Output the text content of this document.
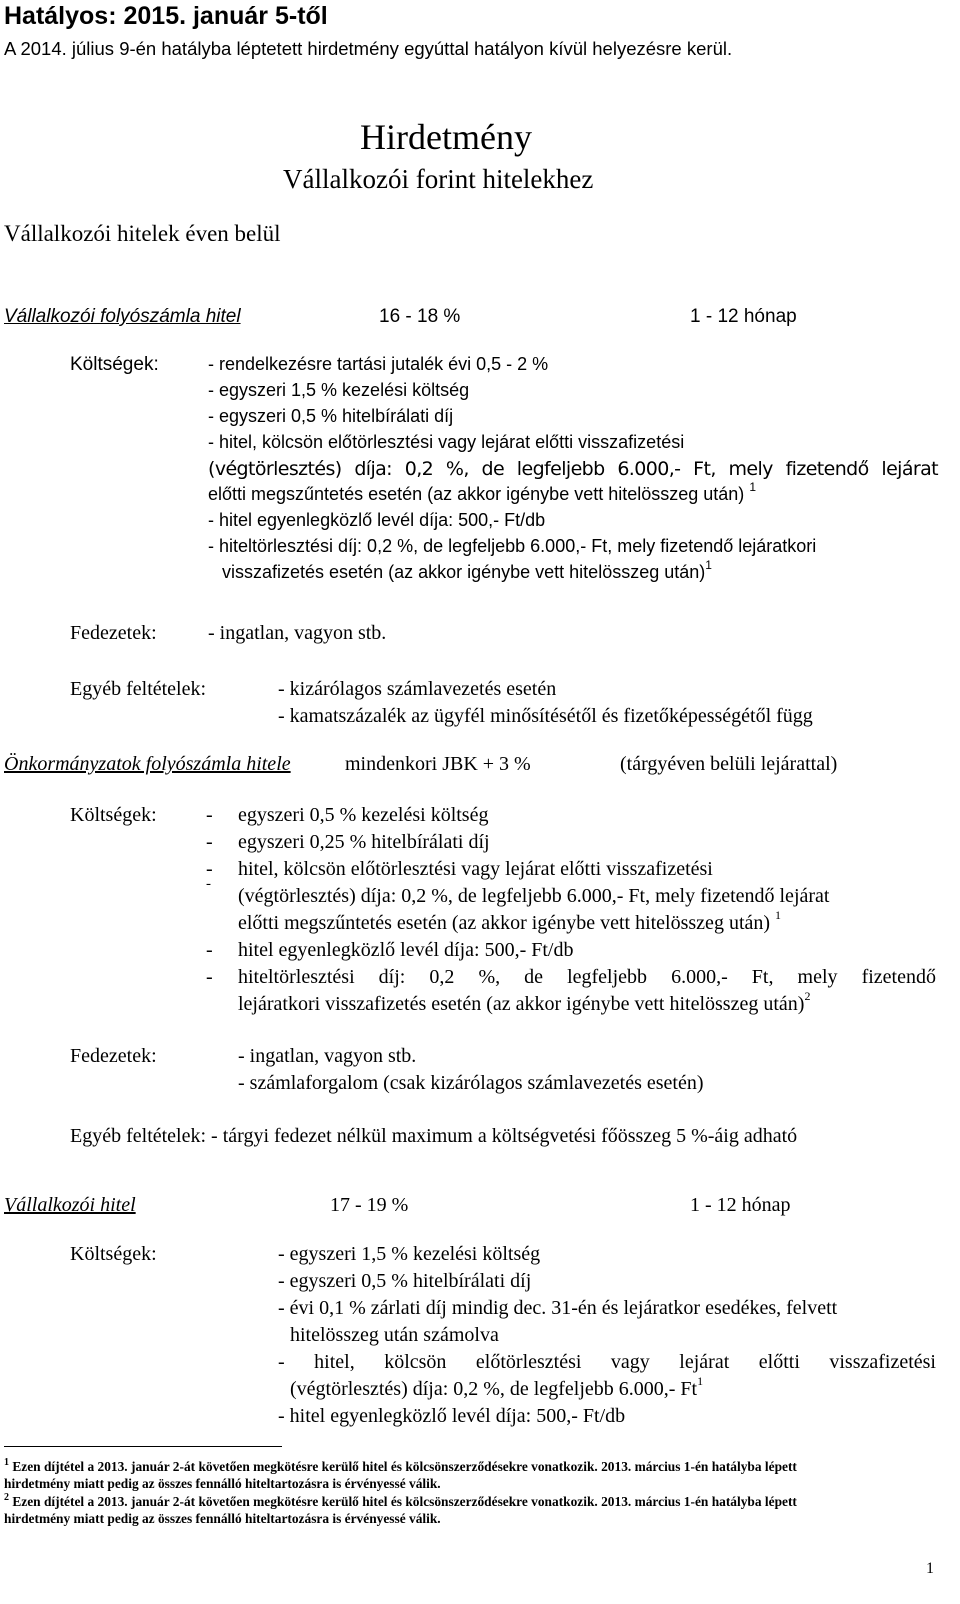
Hatályos: 2015. január 5-től
A 2014. július 9-én hatályba léptetett hirdetmény egyúttal hatályon kívül helyezésre kerül.
Hirdetmény
Vállalkozói forint hitelekhez
Vállalkozói hitelek éven belül
Vállalkozói folyószámla hitel	16 - 18 %	1 - 12 hónap
Költségek:	- rendelkezésre tartási jutalék évi 0,5 - 2 %
- egyszeri 1,5 % kezelési költség
- egyszeri 0,5 % hitelbírálati díj
- hitel, kölcsön előtörlesztési vagy lejárat előtti visszafizetési
(végtörlesztés) díja: 0,2 %, de legfeljebb 6.000,- Ft, mely fizetendő lejárat
előtti megszűntetés esetén (az akkor igénybe vett hitelösszeg után) $^1$
- hitel egyenlegközlő levél díja: 500,- Ft/db
- hiteltörlesztési díj: 0,2 %, de legfeljebb 6.000,- Ft, mely fizetendő lejáratkori
visszafizetés esetén (az akkor igénybe vett hitelösszeg után)$^1$
Fedezetek:	- ingatlan, vagyon stb.
Egyéb feltételek:	- kizárólagos számlavezetés esetén
- kamatszázalék az ügyfél minősítésétől és fizetőképességétől függ
Önkormányzatok folyószámla hitele	mindenkori JBK + 3 %	(tárgyéven belüli lejárattal)
Költségek: - egyszeri 0,5 % kezelési költség
- egyszeri 0,25 % hitelbírálati díj
- hitel, kölcsön előtörlesztési vagy lejárat előtti visszafizetési
-
(végtörlesztés) díja: 0,2 %, de legfeljebb 6.000,- Ft, mely fizetendő lejárat
előtti megszűntetés esetén (az akkor igénybe vett hitelösszeg után) $^1$
- hitel egyenlegközlő levél díja: 500,- Ft/db
- hiteltörlesztési díj: 0,2 %, de legfeljebb 6.000,- Ft, mely fizetendő
lejáratkori visszafizetés esetén (az akkor igénybe vett hitelösszeg után)$^2$
Fedezetek:	- ingatlan, vagyon stb.
- számlaforgalom (csak kizárólagos számlavezetés esetén)
Egyéb feltételek: - tárgyi fedezet nélkül maximum a költségvetési főösszeg 5 %-áig adható
Vállalkozói hitel	17 - 19 %	1 - 12 hónap
Költségek:	- egyszeri 1,5 % kezelési költség
- egyszeri 0,5 % hitelbírálati díj
- évi 0,1 % zárlati díj mindig dec. 31-én és lejáratkor esedékes, felvett
hitelösszeg után számolva
- hitel, kölcsön előtörlesztési vagy lejárat előtti visszafizetési
(végtörlesztés) díja: 0,2 %, de legfeljebb 6.000,- Ft$^1$
- hitel egyenlegközlő levél díja: 500,- Ft/db
$^1$ Ezen díjtétel a 2013. január 2-át követően megkötésre kerülő hitel és kölcsönszerződésekre vonatkozik. 2013. március 1-én hatályba lépett
hirdetmény miatt pedig az összes fennálló hiteltartozásra is érvényessé válik.
$^2$ Ezen díjtétel a 2013. január 2-át követően megkötésre kerülő hitel és kölcsönszerződésekre vonatkozik. 2013. március 1-én hatályba lépett
hirdetmény miatt pedig az összes fennálló hiteltartozásra is érvényessé válik.
1
